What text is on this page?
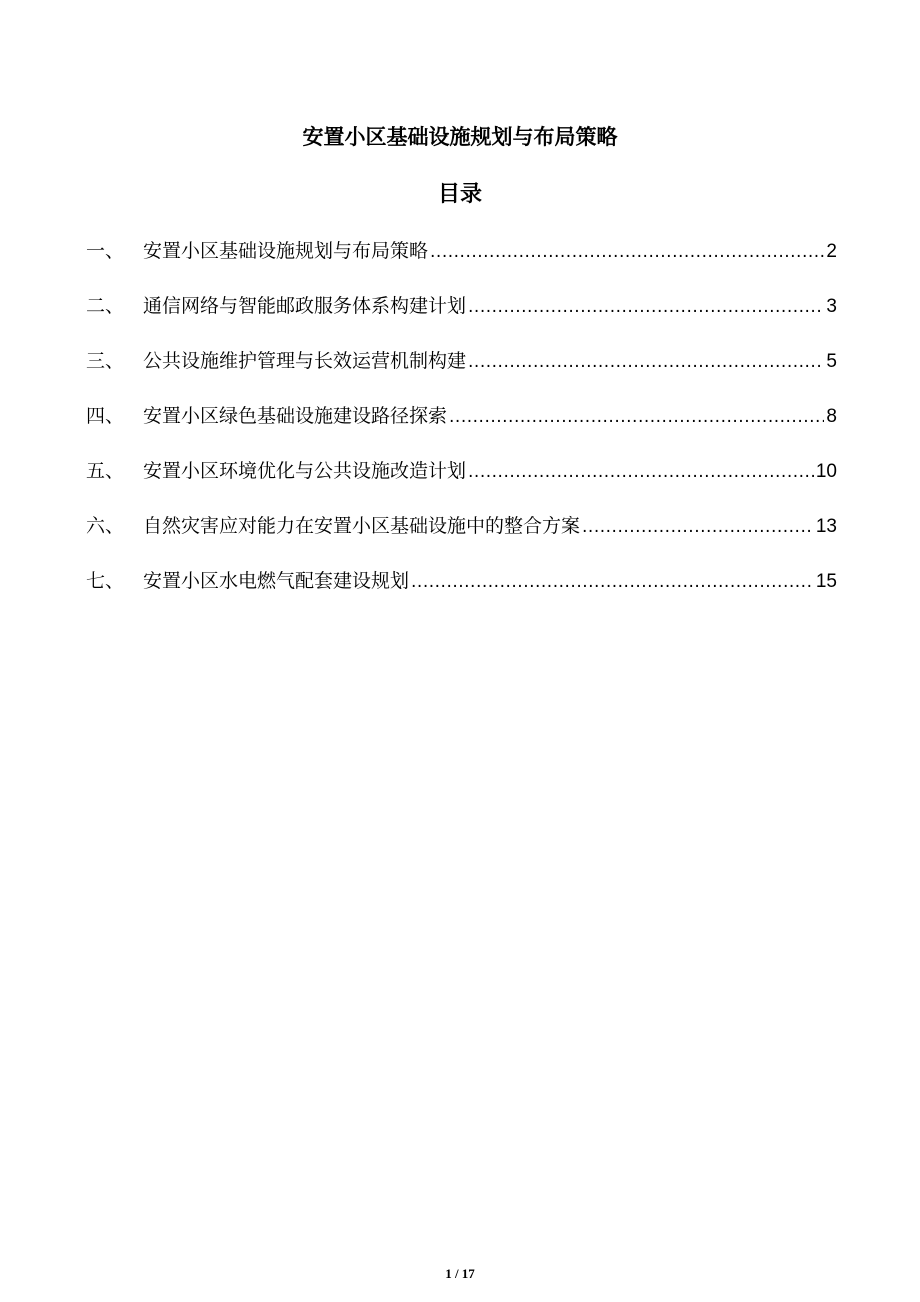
安置小区基础设施规划与布局策略
目录
一、 安置小区基础设施规划与布局策略 .....	2
二、 通信网络与智能邮政服务体系构建计划 .....	3
三、 公共设施维护管理与长效运营机制构建 .....	5
四、 安置小区绿色基础设施建设路径探索 .....	8
五、 安置小区环境优化与公共设施改造计划 .....	10
六、 自然灾害应对能力在安置小区基础设施中的整合方案 .....	13
七、 安置小区水电燃气配套建设规划 .....	15
1 / 17
